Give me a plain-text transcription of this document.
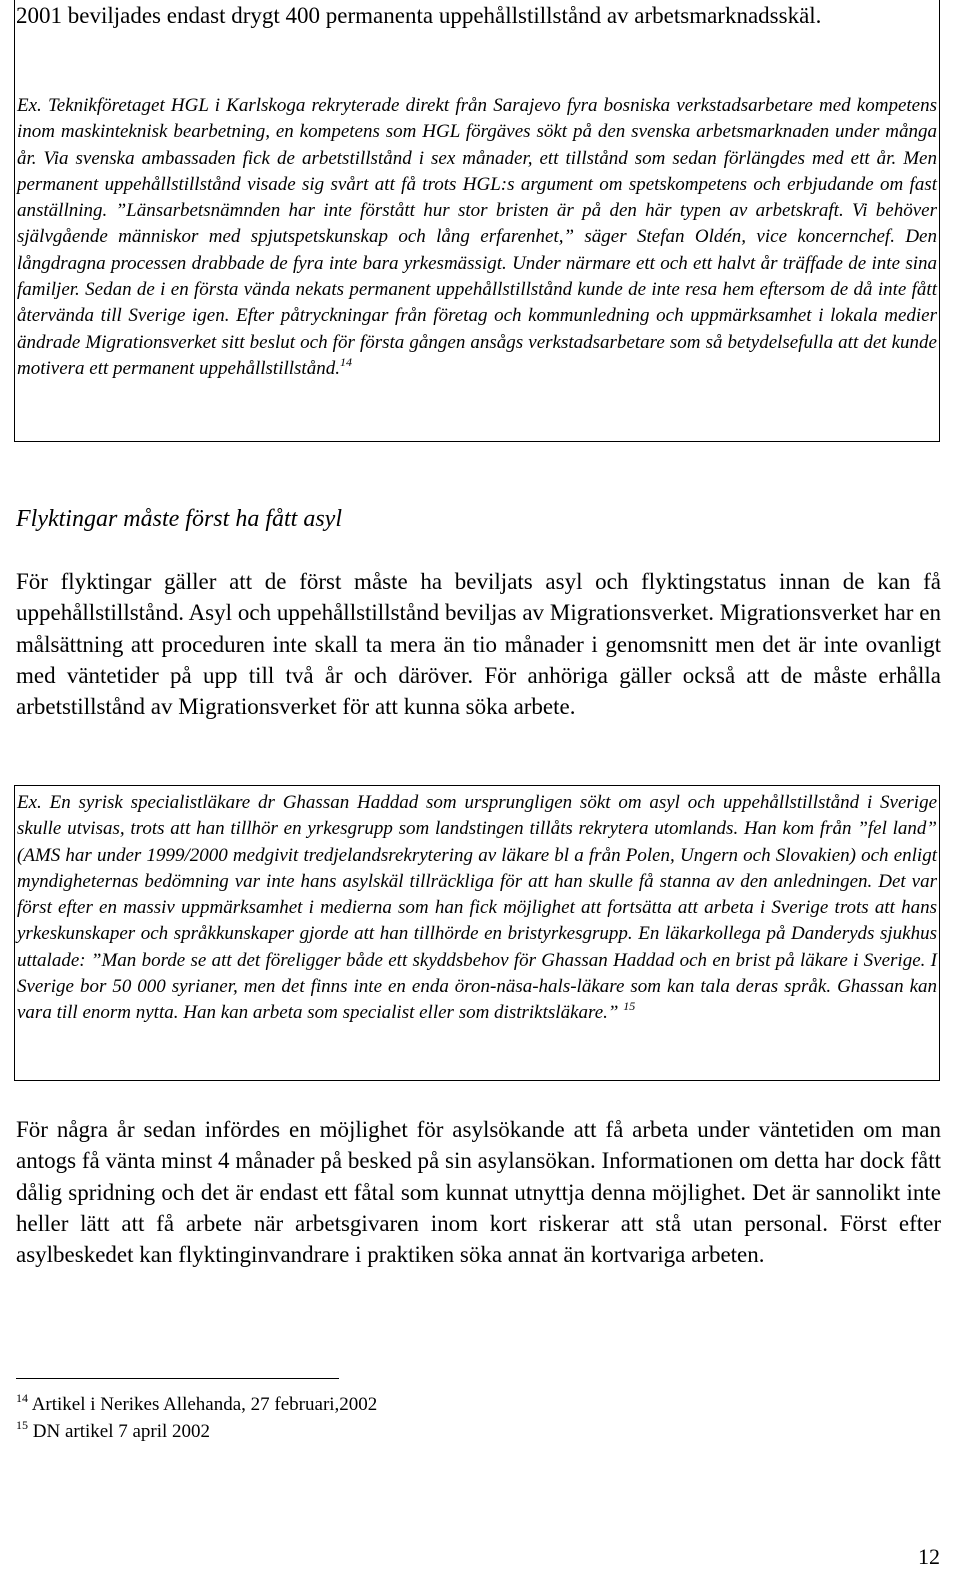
2001 beviljades endast drygt 400 permanenta uppehållstillstånd av arbetsmarknadsskäl.

Ex. Teknikföretaget HGL i Karlskoga rekryterade direkt från Sarajevo fyra bosniska verkstadsarbetare med kompetens inom maskinteknisk bearbetning, en kompetens som HGL förgäves sökt på den svenska arbetsmarknaden under många år. Via svenska ambassaden fick de arbetstillstånd i sex månader, ett tillstånd som sedan förlängdes med ett år. Men permanent uppehållstillstånd visade sig svårt att få trots HGL:s argument om spetskompetens och erbjudande om fast anställning. ”Länsarbetsnämnden har inte förstått hur stor bristen är på den här typen av arbetskraft. Vi behöver självgående människor med spjutspetskunskap och lång erfarenhet,” säger Stefan Oldén, vice koncernchef. Den långdragna processen drabbade de fyra inte bara yrkesmässigt. Under närmare ett och ett halvt år träffade de inte sina familjer. Sedan de i en första vända nekats permanent uppehållstillstånd kunde de inte resa hem eftersom de då inte fått återvända till Sverige igen. Efter påtryckningar från företag och kommunledning och uppmärksamhet i lokala medier ändrade Migrationsverket sitt beslut och för första gången ansågs verkstadsarbetare som så betydelsefulla att det kunde motivera ett permanent uppehållstillstånd.$^{14}$

Flyktingar måste först ha fått asyl

För flyktingar gäller att de först måste ha beviljats asyl och flyktingstatus innan de kan få uppehållstillstånd. Asyl och uppehållstillstånd beviljas av Migrationsverket. Migrationsverket har en målsättning att proceduren inte skall ta mera än tio månader i genomsnitt men det är inte ovanligt med väntetider på upp till två år och däröver. För anhöriga gäller också att de måste erhålla arbetstillstånd av Migrationsverket för att kunna söka arbete.

Ex. En syrisk specialistläkare dr Ghassan Haddad som ursprungligen sökt om asyl och uppehållstillstånd i Sverige skulle utvisas, trots att han tillhör en yrkesgrupp som landstingen tillåts rekrytera utomlands. Han kom från ”fel land” (AMS har under 1999/2000 medgivit tredjelandsrekrytering av läkare bl a från Polen, Ungern och Slovakien) och enligt myndigheternas bedömning var inte hans asylskäl tillräckliga för att han skulle få stanna av den anledningen. Det var först efter en massiv uppmärksamhet i medierna som han fick möjlighet att fortsätta att arbeta i Sverige trots att hans yrkeskunskaper och språkkunskaper gjorde att han tillhörde en bristyrkesgrupp. En läkarkollega på Danderyds sjukhus uttalade: ”Man borde se att det föreligger både ett skyddsbehov för Ghassan Haddad och en brist på läkare i Sverige. I Sverige bor 50 000 syrianer, men det finns inte en enda öron-näsa-hals-läkare som kan tala deras språk. Ghassan kan vara till enorm nytta. Han kan arbeta som specialist eller som distriktsläkare.” $^{15}$

För några år sedan infördes en möjlighet för asylsökande att få arbeta under väntetiden om man antogs få vänta minst 4 månader på besked på sin asylansökan. Informationen om detta har dock fått dålig spridning och det är endast ett fåtal som kunnat utnyttja denna möjlighet. Det är sannolikt inte heller lätt att få arbete när arbetsgivaren inom kort riskerar att stå utan personal. Först efter asylbeskedet kan flyktinginvandrare i praktiken söka annat än kortvariga arbeten.

$^{14}$ Artikel i Nerikes Allehanda, 27 februari,2002

$^{15}$ DN artikel 7 april 2002

12
